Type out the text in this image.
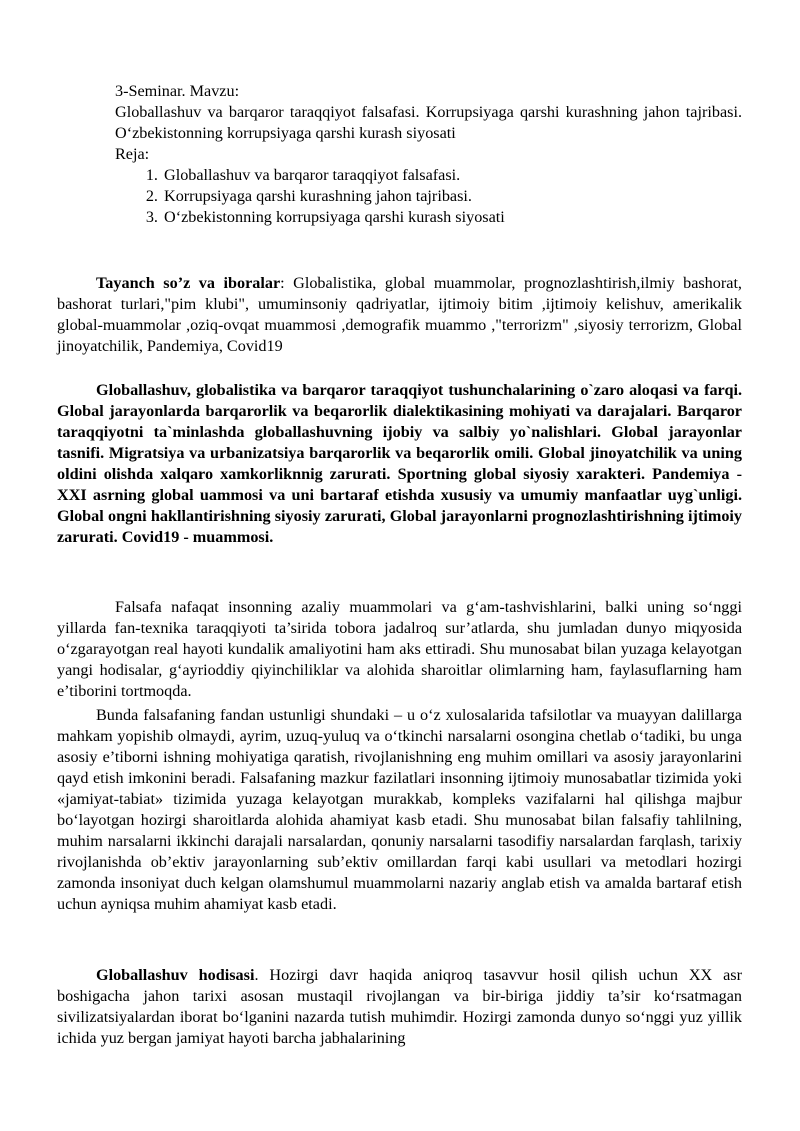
3-Seminar. Mavzu:
Globallashuv va barqaror taraqqiyot falsafasi. Korrupsiyaga qarshi kurashning jahon tajribasi. O‘zbekistonning korrupsiyaga qarshi kurash siyosati
Reja:
1. Globallashuv va barqaror taraqqiyot falsafasi.
2. Korrupsiyaga qarshi kurashning jahon tajribasi.
3. O‘zbekistonning korrupsiyaga qarshi kurash siyosati

Tayanch so’z va iboralar: Globalistika, global muammolar, prognozlashtirish,ilmiy bashorat, bashorat turlari,"pim klubi", umuminsoniy qadriyatlar, ijtimoiy bitim ,ijtimoiy kelishuv, amerikalik global-muammolar ,oziq-ovqat muammosi ,demografik muammo ,"terrorizm" ,siyosiy terrorizm, Global jinoyatchilik, Pandemiya, Covid19

Globallashuv, globalistika va barqaror taraqqiyot tushunchalarining o`zaro aloqasi va farqi. Global jarayonlarda barqarorlik va beqarorlik dialektikasining mohiyati va darajalari. Barqaror taraqqiyotni ta`minlashda globallashuvning ijobiy va salbiy yo`nalishlari. Global jarayonlar tasnifi. Migratsiya va urbanizatsiya barqarorlik va beqarorlik omili. Global jinoyatchilik va uning oldini olishda xalqaro xamkorliknnig zarurati. Sportning global siyosiy xarakteri. Pandemiya - XXI asrning global uammosi va uni bartaraf etishda xususiy va umumiy manfaatlar uyg`unligi. Global ongni hakllantirishning siyosiy zarurati, Global jarayonlarni prognozlashtirishning ijtimoiy zarurati. Covid19 - muammosi.

Falsafa nafaqat insonning azaliy muammolari va g‘am-tashvishlarini, balki uning so‘nggi yillarda fan-texnika taraqqiyoti ta’sirida tobora jadalroq sur’atlarda, shu jumladan dunyo miqyosida o‘zgarayotgan real hayoti kundalik amaliyotini ham aks ettiradi. Shu munosabat bilan yuzaga kelayotgan yangi hodisalar, g‘ayrioddiy qiyinchiliklar va alohida sharoitlar olimlarning ham, faylasuflarning ham e’tiborini tortmoqda.

Bunda falsafaning fandan ustunligi shundaki – u o‘z xulosalarida tafsilotlar va muayyan dalillarga mahkam yopishib olmaydi, ayrim, uzuq-yuluq va o‘tkinchi narsalarni osongina chetlab o‘tadiki, bu unga asosiy e’tiborni ishning mohiyatiga qaratish, rivojlanishning eng muhim omillari va asosiy jarayonlarini qayd etish imkonini beradi. Falsafaning mazkur fazilatlari insonning ijtimoiy munosabatlar tizimida yoki «jamiyat-tabiat» tizimida yuzaga kelayotgan murakkab, kompleks vazifalarni hal qilishga majbur bo‘layotgan hozirgi sharoitlarda alohida ahamiyat kasb etadi. Shu munosabat bilan falsafiy tahlilning, muhim narsalarni ikkinchi darajali narsalardan, qonuniy narsalarni tasodifiy narsalardan farqlash, tarixiy rivojlanishda ob’ektiv jarayonlarning sub’ektiv omillardan farqi kabi usullari va metodlari hozirgi zamonda insoniyat duch kelgan olamshumul muammolarni nazariy anglab etish va amalda bartaraf etish uchun ayniqsa muhim ahamiyat kasb etadi.

Globallashuv hodisasi. Hozirgi davr haqida aniqroq tasavvur hosil qilish uchun XX asr boshigacha jahon tarixi asosan mustaqil rivojlangan va bir-biriga jiddiy ta’sir ko‘rsatmagan sivilizatsiyalardan iborat bo‘lganini nazarda tutish muhimdir. Hozirgi zamonda dunyo so‘nggi yuz yillik ichida yuz bergan jamiyat hayoti barcha jabhalarining
